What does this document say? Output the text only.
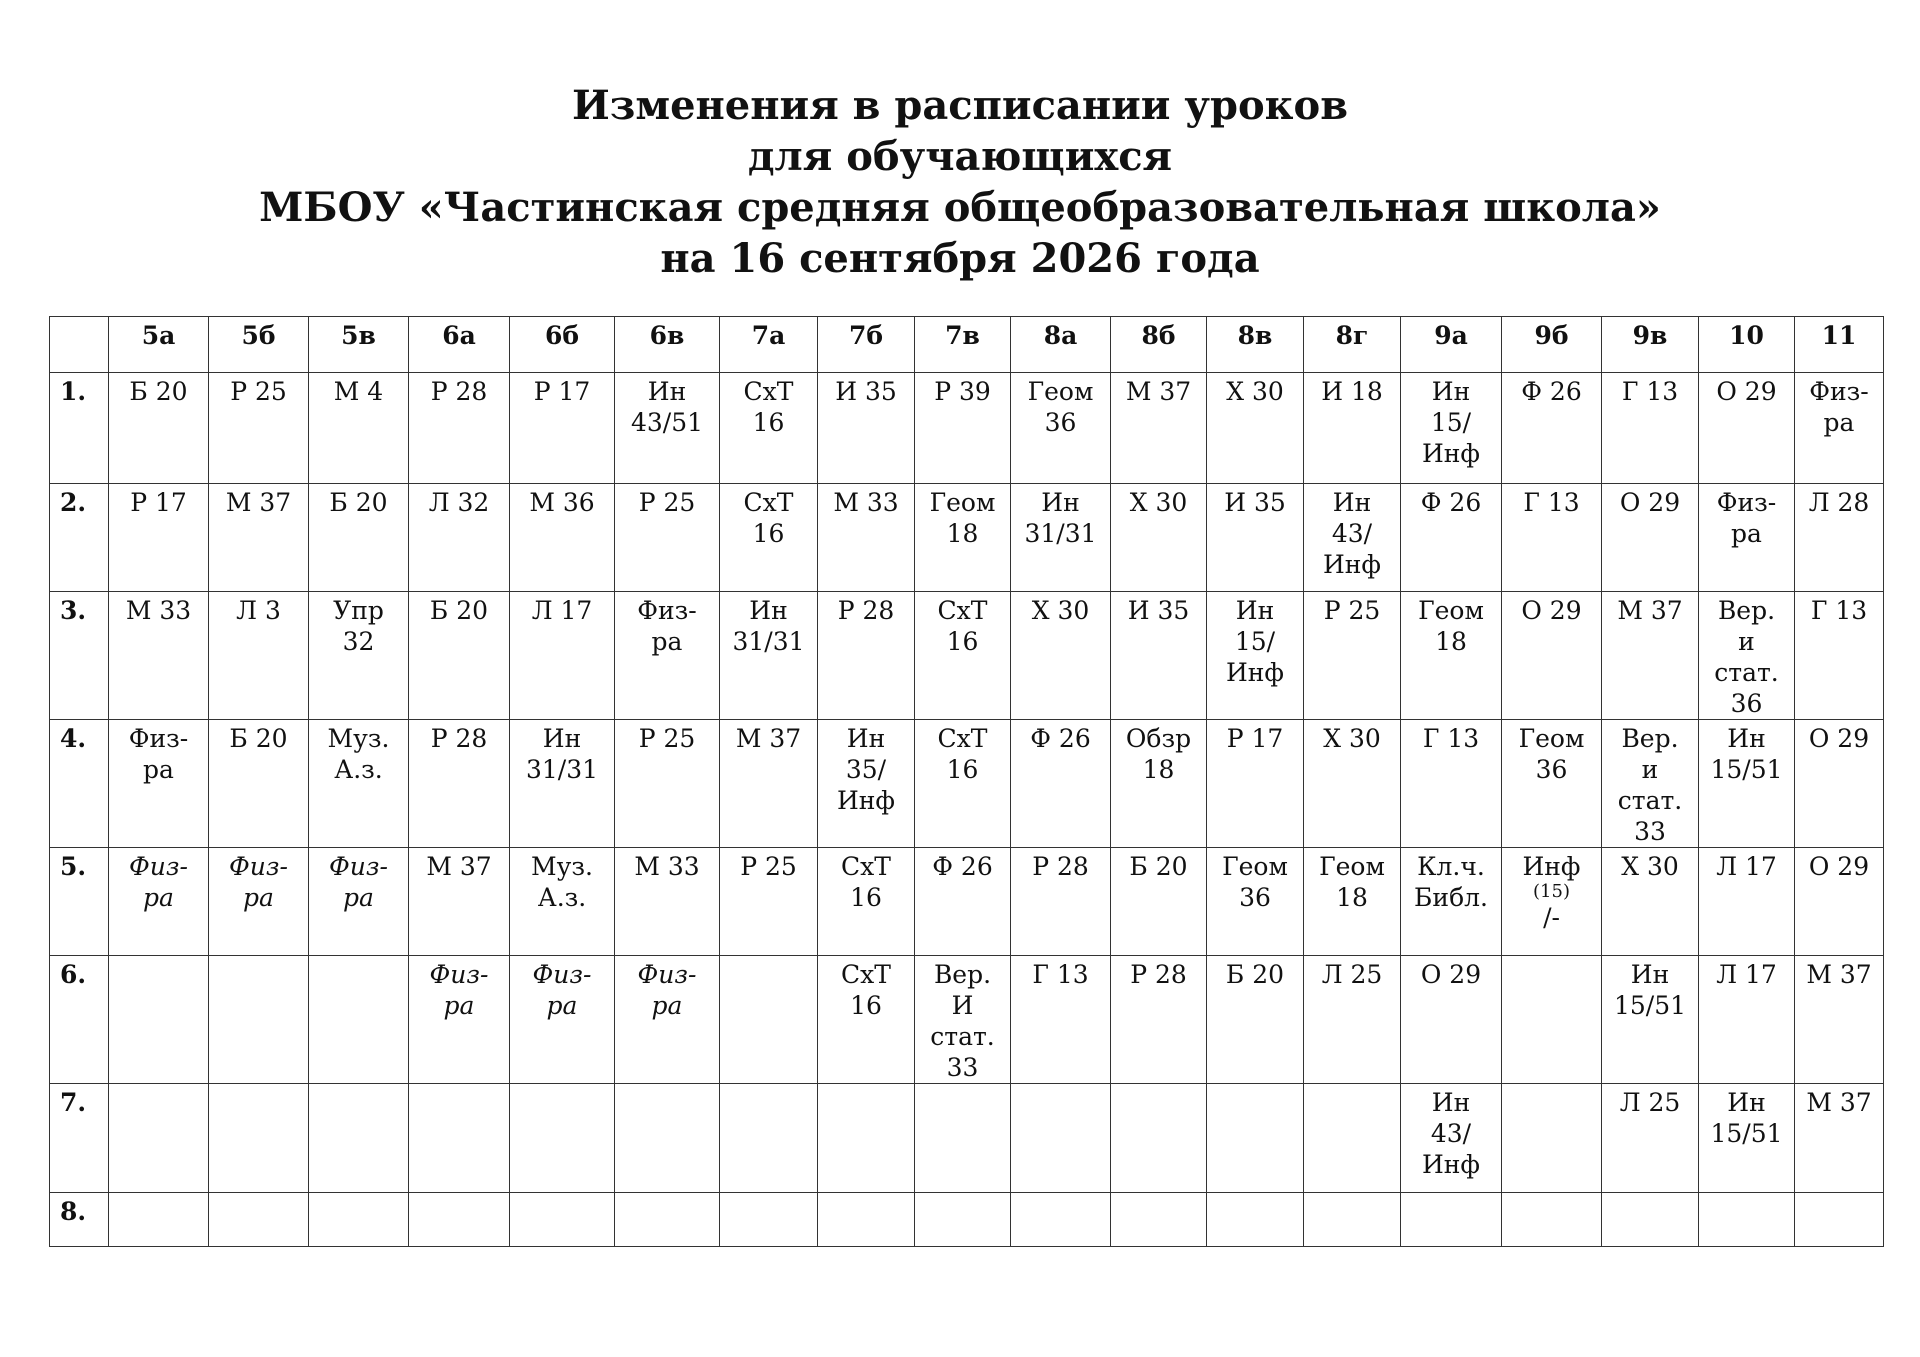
Изменения в расписании уроков
для обучающихся
МБОУ «Частинская средняя общеобразовательная школа»
на 16 сентября 2026 года
	5а	5б	5в	6а	6б	6в	7а	7б	7в	8а	8б	8в	8г	9а	9б	9в	10	11
1.	Б 20	Р 25	М 4	Р 28	Р 17	Ин
43/51	СхТ
16	И 35	Р 39	Геом
36	М 37	Х 30	И 18	Ин
15/
Инф	Ф 26	Г 13	О 29	Физ-
ра

2.	Р 17	М 37	Б 20	Л 32	М 36	Р 25	СхТ
16	М 33	Геом
18	Ин
31/31	Х 30	И 35	Ин
43/
Инф	Ф 26	Г 13	О 29	Физ-
ра	Л 28

3.	М 33	Л 3	Упр
32	Б 20	Л 17	Физ-
ра	Ин
31/31	Р 28	СхТ
16	Х 30	И 35	Ин
15/
Инф	Р 25	Геом
18	О 29	М 37	Вер.
и
стат.
36	Г 13

4.	Физ-
ра	Б 20	Муз.
А.з.	Р 28	Ин
31/31	Р 25	М 37	Ин
35/
Инф	СхТ
16	Ф 26	Обзр
18	Р 17	Х 30	Г 13	Геом
36	Вер.
и
стат.
33	Ин
15/51	О 29

5.	Физ-
ра	Физ-
ра	Физ-
ра	М 37	Муз.
А.з.	М 33	Р 25	СхТ
16	Ф 26	Р 28	Б 20	Геом
36	Геом
18	Кл.ч.
Библ.	Инф
(15)
/-	Х 30	Л 17	О 29

6.				Физ-
ра	Физ-
ра	Физ-
ра		СхТ
16	Вер.
И
стат.
33	Г 13	Р 28	Б 20	Л 25	О 29		Ин
15/51	Л 17	М 37

7.														Ин
43/
Инф		Л 25	Ин
15/51	М 37

8.																		
